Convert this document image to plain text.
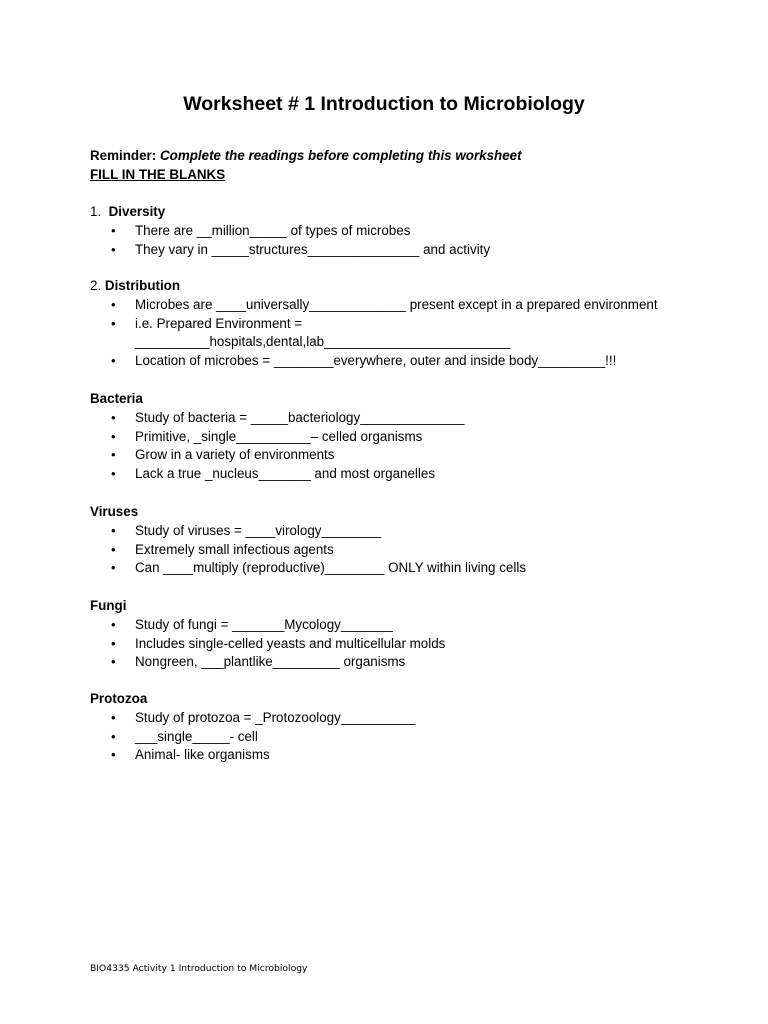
Worksheet # 1 Introduction to Microbiology
Reminder: Complete the readings before completing this worksheet
FILL IN THE BLANKS
1. Diversity
• There are __million_____ of types of microbes
• They vary in _____structures_______________ and activity
2. Distribution
• Microbes are ____universally_____________ present except in a prepared environment
• i.e. Prepared Environment =
__________hospitals,dental,lab_________________________
• Location of microbes = ________everywhere, outer and inside body_________!!!
Bacteria
• Study of bacteria = _____bacteriology______________
• Primitive, _single__________– celled organisms
• Grow in a variety of environments
• Lack a true _nucleus_______ and most organelles
Viruses
• Study of viruses = ____virology________
• Extremely small infectious agents
• Can ____multiply (reproductive)________ ONLY within living cells
Fungi
• Study of fungi = _______Mycology_______
• Includes single-celled yeasts and multicellular molds
• Nongreen, ___plantlike_________ organisms
Protozoa
• Study of protozoa = _Protozoology__________
• ___single_____- cell
• Animal- like organisms
BIO4335 Activity 1 Introduction to Microbiology
